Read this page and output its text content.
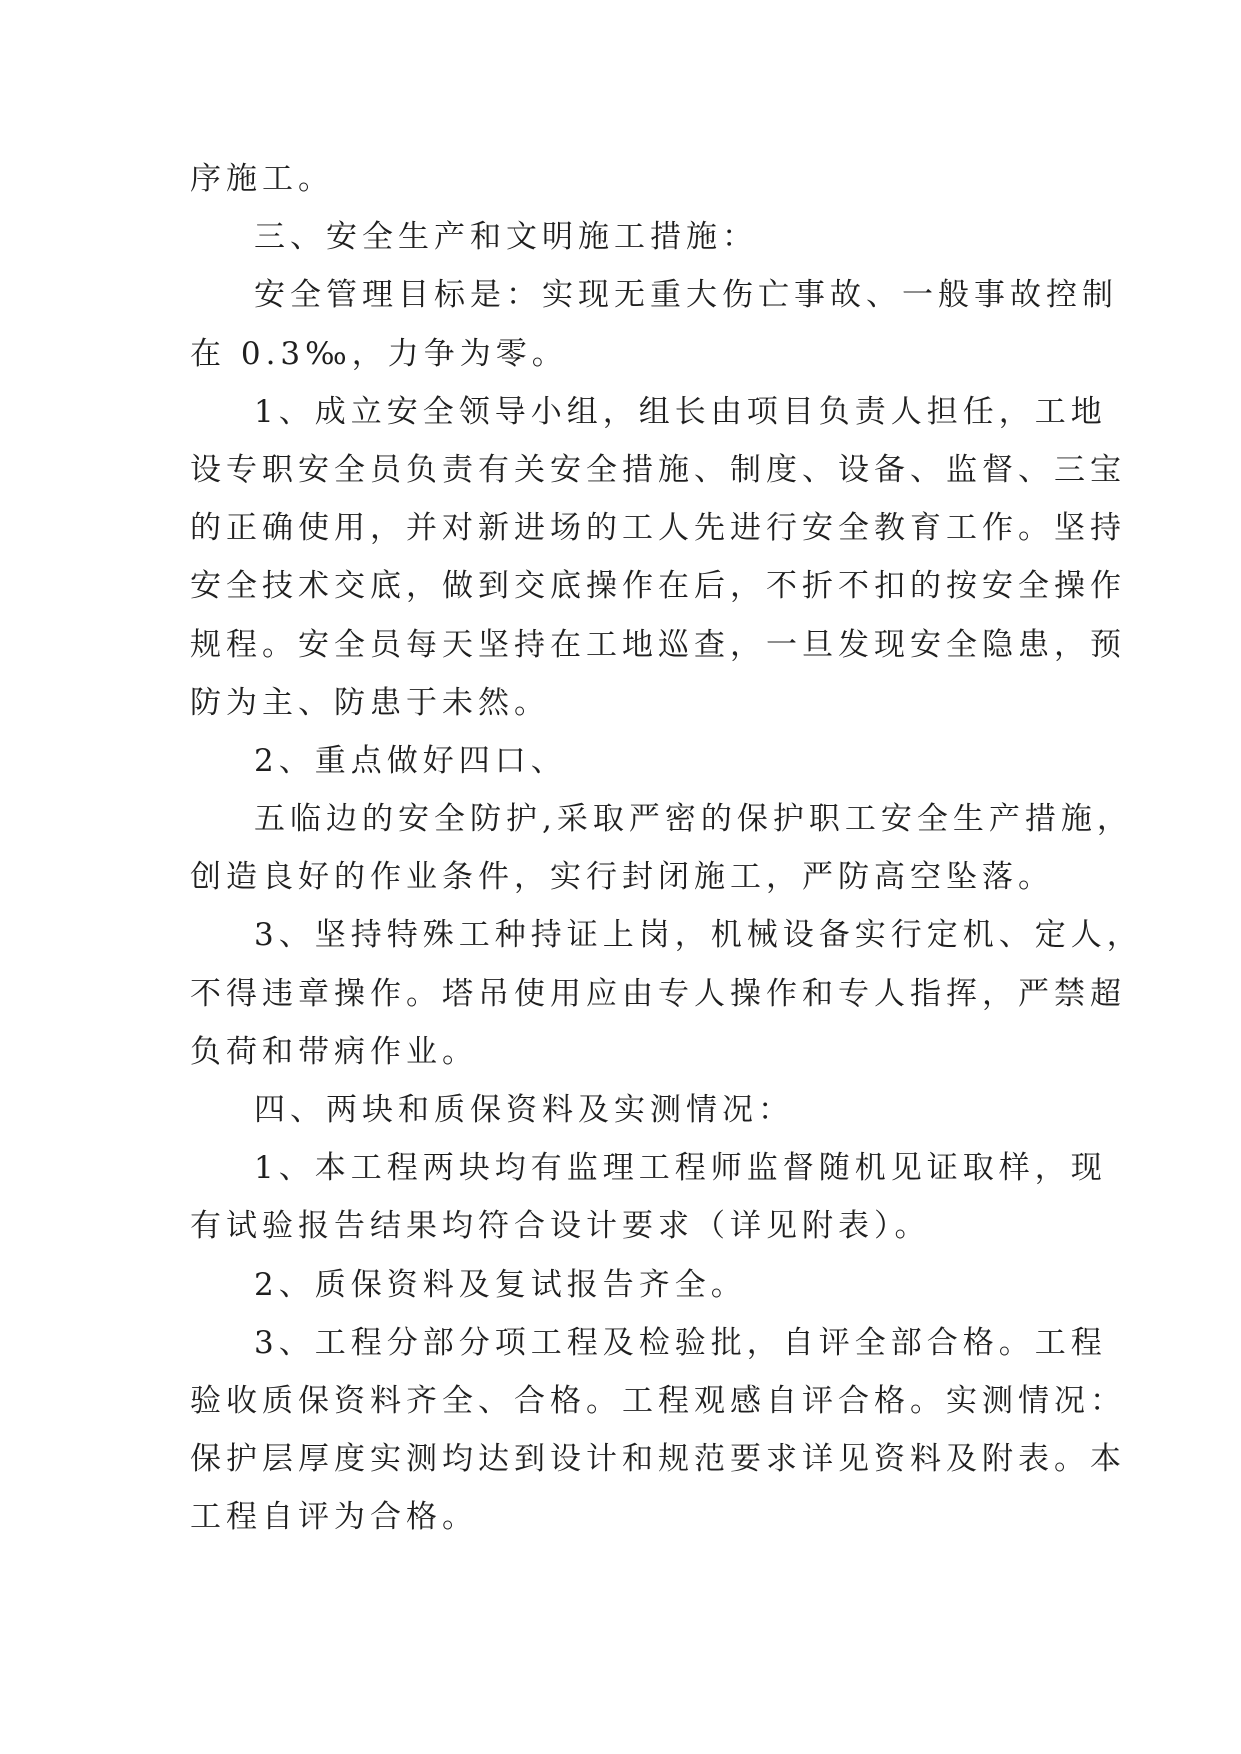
序施工。
三、安全生产和文明施工措施：
安全管理目标是：实现无重大伤亡事故、一般事故控制
在 0.3‰，力争为零。
1、成立安全领导小组，组长由项目负责人担任，工地
设专职安全员负责有关安全措施、制度、设备、监督、三宝
的正确使用，并对新进场的工人先进行安全教育工作。坚持
安全技术交底，做到交底操作在后，不折不扣的按安全操作
规程。安全员每天坚持在工地巡查，一旦发现安全隐患，预
防为主、防患于未然。
2、重点做好四口、
五临边的安全防护,采取严密的保护职工安全生产措施，
创造良好的作业条件，实行封闭施工，严防高空坠落。
3、坚持特殊工种持证上岗，机械设备实行定机、定人，
不得违章操作。塔吊使用应由专人操作和专人指挥，严禁超
负荷和带病作业。
四、两块和质保资料及实测情况：
1、本工程两块均有监理工程师监督随机见证取样，现
有试验报告结果均符合设计要求（详见附表）。
2、质保资料及复试报告齐全。
3、工程分部分项工程及检验批，自评全部合格。工程
验收质保资料齐全、合格。工程观感自评合格。实测情况：
保护层厚度实测均达到设计和规范要求详见资料及附表。本
工程自评为合格。
